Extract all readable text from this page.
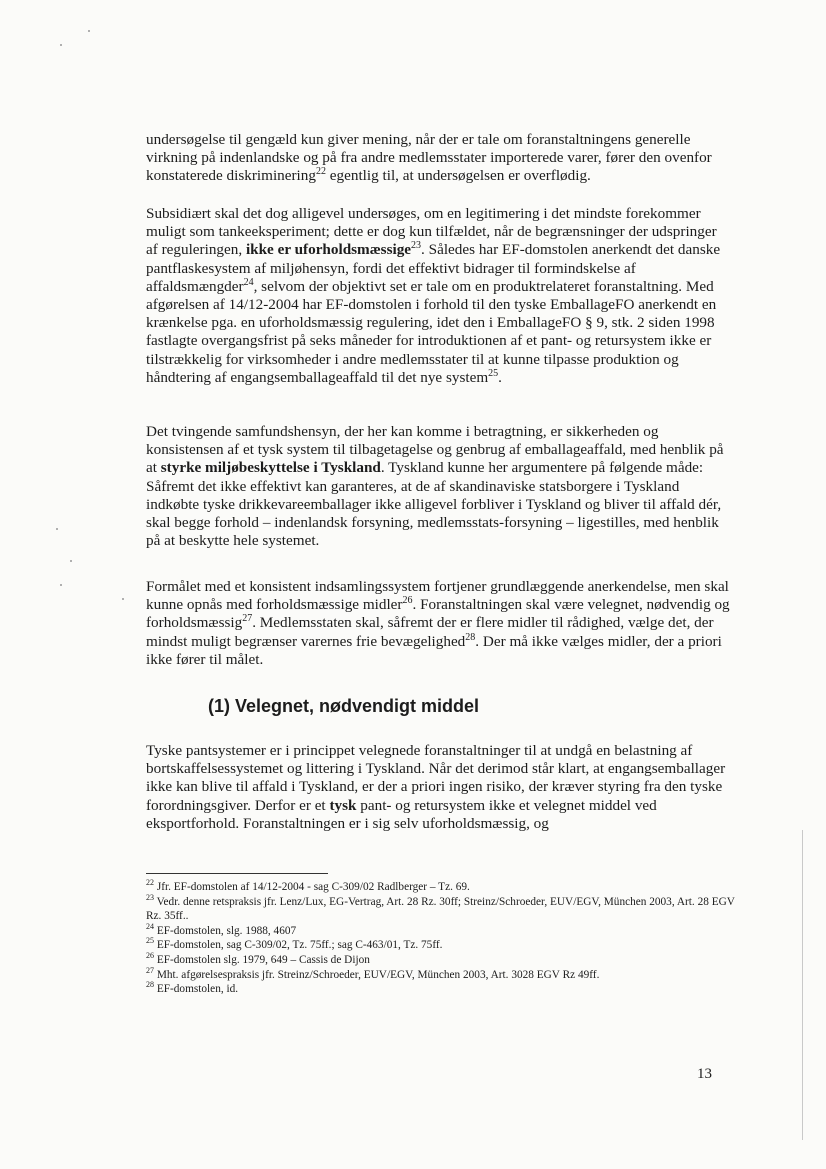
undersøgelse til gengæld kun giver mening, når der er tale om foranstaltningens generelle virkning på indenlandske og på fra andre medlemsstater importerede varer, fører den ovenfor konstaterede diskriminering$^{22}$ egentlig til, at undersøgelsen er overflødig.

Subsidiært skal det dog alligevel undersøges, om en legitimering i det mindste forekommer muligt som tankeeksperiment; dette er dog kun tilfældet, når de begrænsninger der udspringer af reguleringen, ikke er uforholdsmæssige$^{23}$. Således har EF-domstolen anerkendt det danske pantflaskesystem af miljøhensyn, fordi det effektivt bidrager til formindskelse af affaldsmængder$^{24}$, selvom der objektivt set er tale om en produktrelateret foranstaltning. Med afgørelsen af 14/12-2004 har EF-domstolen i forhold til den tyske EmballageFO anerkendt en krænkelse pga. en uforholdsmæssig regulering, idet den i EmballageFO § 9, stk. 2 siden 1998 fastlagte overgangsfrist på seks måneder for introduktionen af et pant- og retursystem ikke er tilstrækkelig for virksomheder i andre medlemsstater til at kunne tilpasse produktion og håndtering af engangsemballageaffald til det nye system$^{25}$.

Det tvingende samfundshensyn, der her kan komme i betragtning, er sikkerheden og konsistensen af et tysk system til tilbagetagelse og genbrug af emballageaffald, med henblik på at styrke miljøbeskyttelse i Tyskland. Tyskland kunne her argumentere på følgende måde: Såfremt det ikke effektivt kan garanteres, at de af skandinaviske statsborgere i Tyskland indkøbte tyske drikkevareemballager ikke alligevel forbliver i Tyskland og bliver til affald dér, skal begge forhold – indenlandsk forsyning, medlemsstats-forsyning – ligestilles, med henblik på at beskytte hele systemet.

Formålet med et konsistent indsamlingssystem fortjener grundlæggende anerkendelse, men skal kunne opnås med forholdsmæssige midler$^{26}$. Foranstaltningen skal være velegnet, nødvendig og forholdsmæssig$^{27}$. Medlemsstaten skal, såfremt der er flere midler til rådighed, vælge det, der mindst muligt begrænser varernes frie bevægelighed$^{28}$. Der må ikke vælges midler, der a priori ikke fører til målet.

(1) Velegnet, nødvendigt middel

Tyske pantsystemer er i princippet velegnede foranstaltninger til at undgå en belastning af bortskaffelsessystemet og littering i Tyskland. Når det derimod står klart, at engangsemballager ikke kan blive til affald i Tyskland, er der a priori ingen risiko, der kræver styring fra den tyske forordningsgiver. Derfor er et tysk pant- og retursystem ikke et velegnet middel ved eksportforhold. Foranstaltningen er i sig selv uforholdsmæssig, og

$^{22}$ Jfr. EF-domstolen af 14/12-2004 - sag C-309/02 Radlberger – Tz. 69.
$^{23}$ Vedr. denne retspraksis jfr. Lenz/Lux, EG-Vertrag, Art. 28 Rz. 30ff; Streinz/Schroeder, EUV/EGV, München 2003, Art. 28 EGV Rz. 35ff..
$^{24}$ EF-domstolen, slg. 1988, 4607
$^{25}$ EF-domstolen, sag C-309/02, Tz. 75ff.; sag C-463/01, Tz. 75ff.
$^{26}$ EF-domstolen slg. 1979, 649 – Cassis de Dijon
$^{27}$ Mht. afgørelsespraksis jfr. Streinz/Schroeder, EUV/EGV, München 2003, Art. 3028 EGV Rz 49ff.
$^{28}$ EF-domstolen, id.
13
